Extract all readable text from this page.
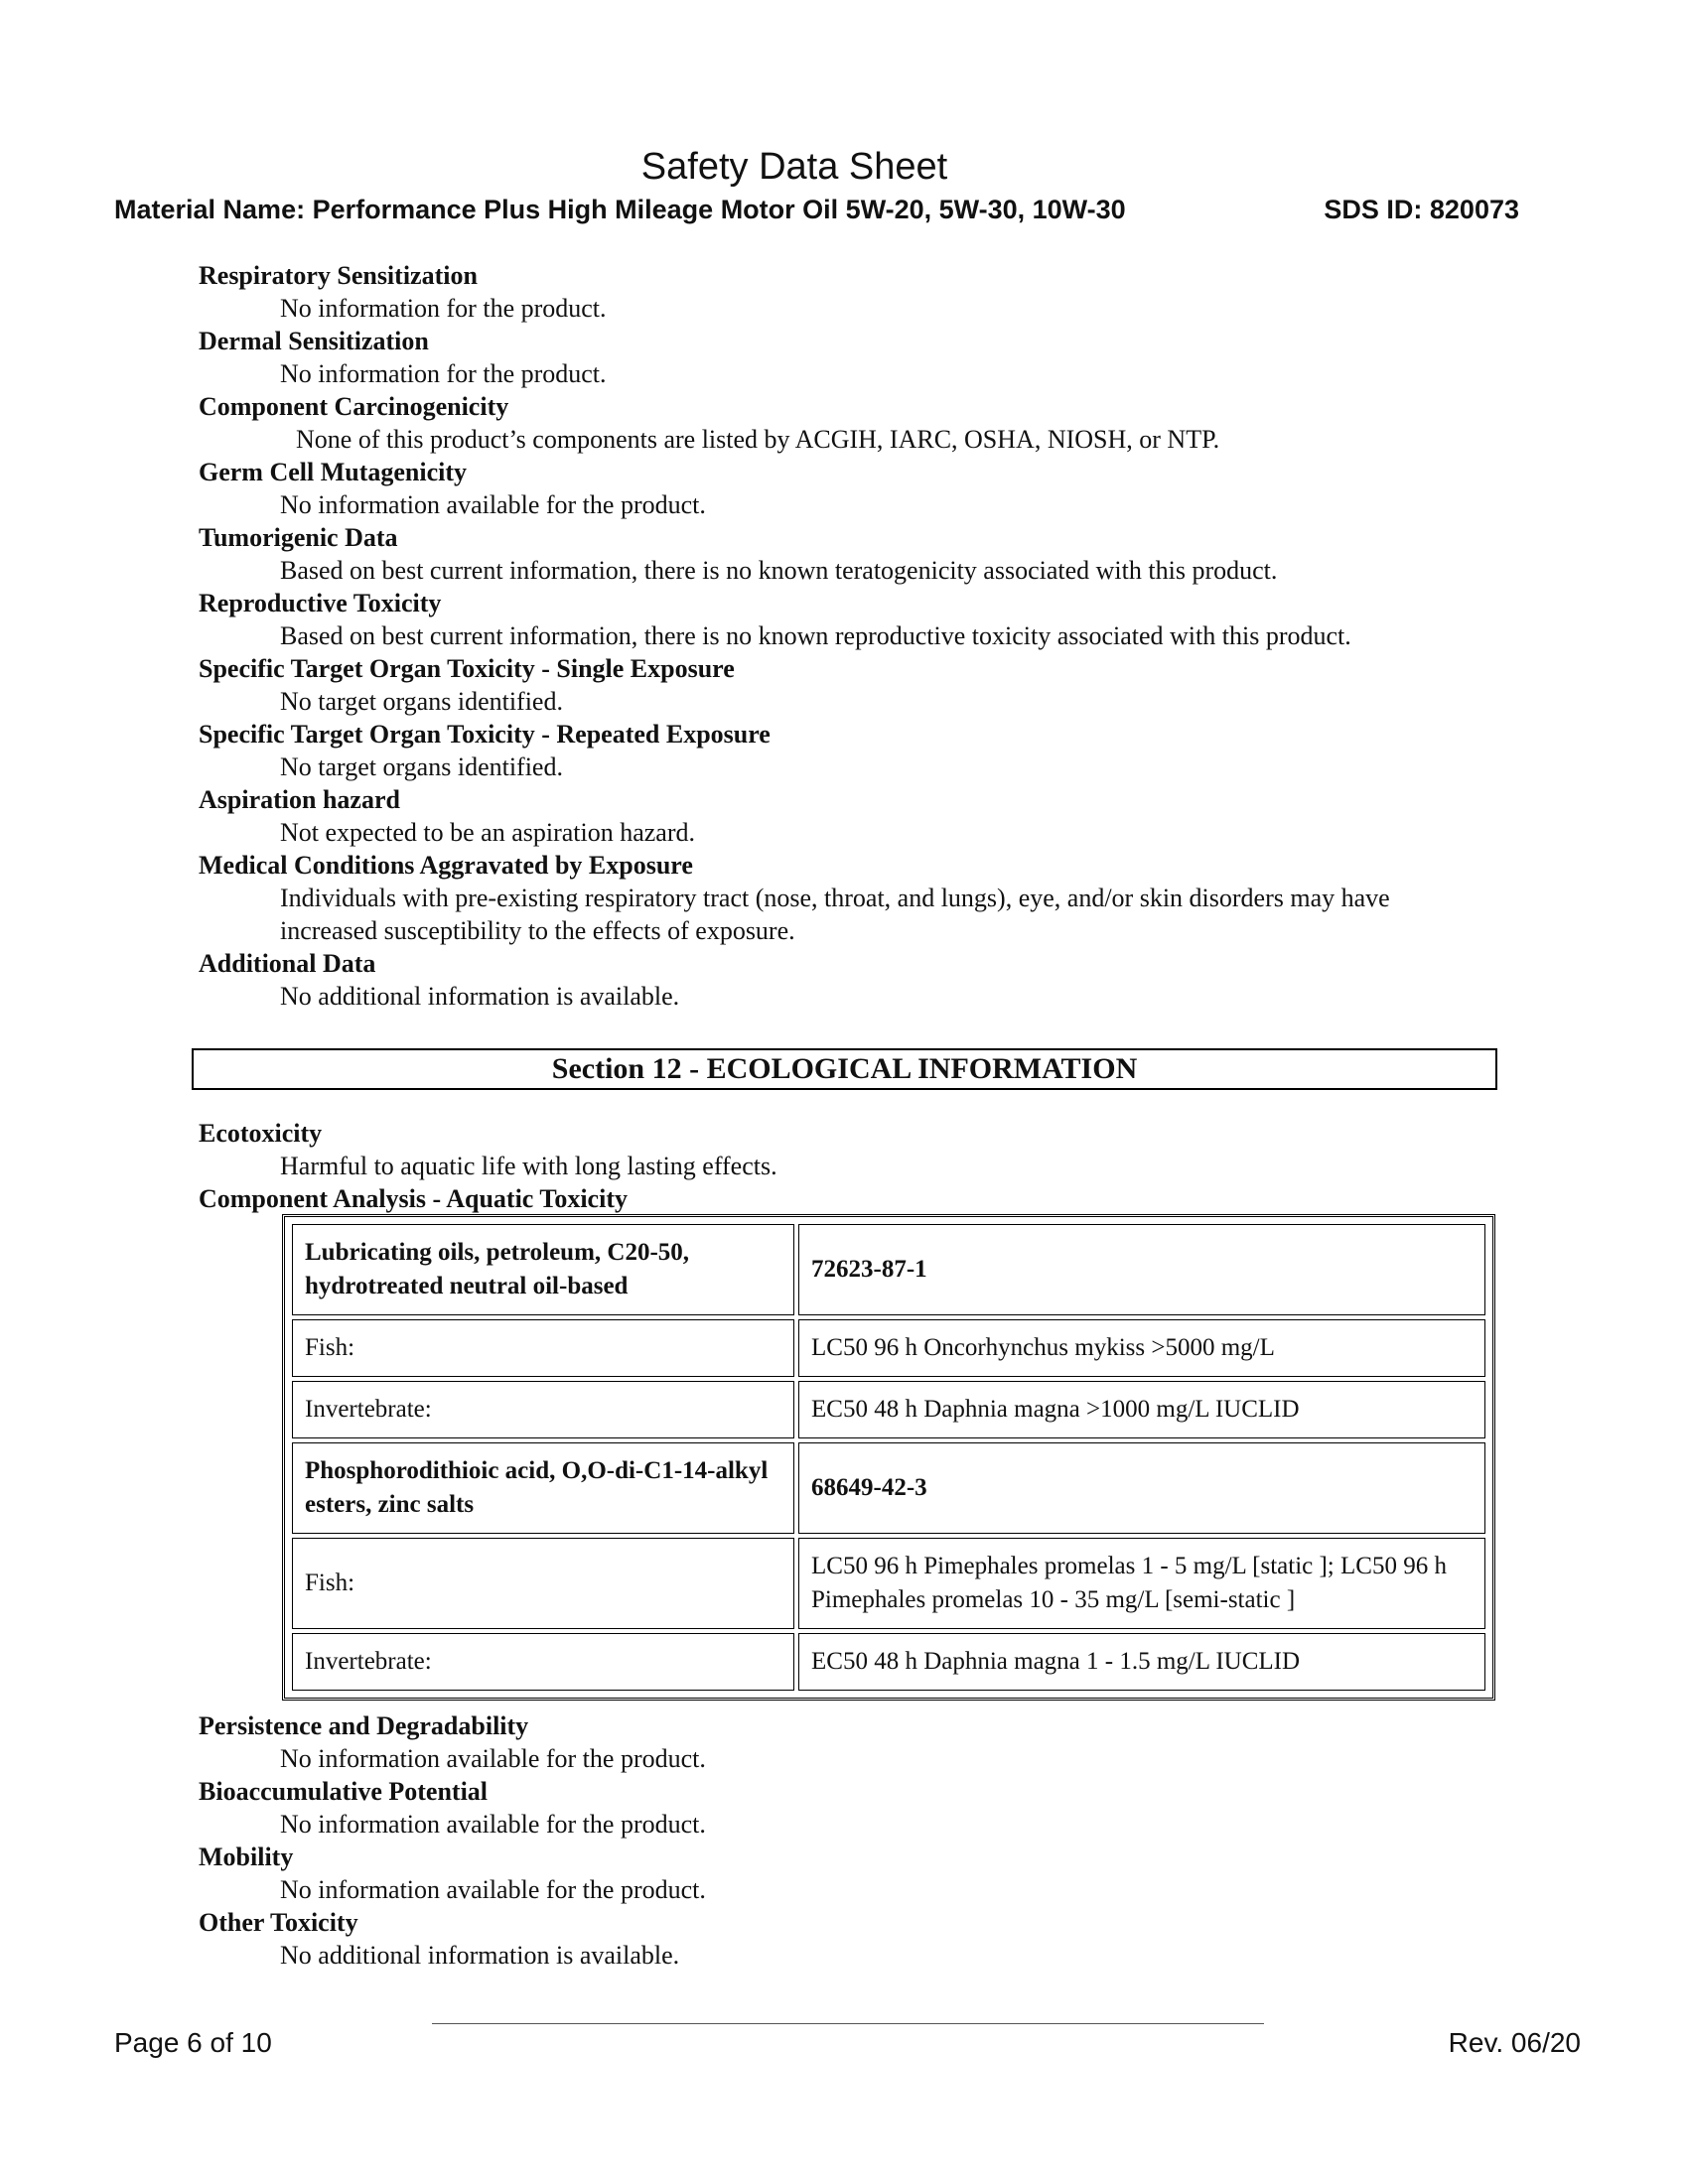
Safety Data Sheet
Material Name: Performance Plus High Mileage Motor Oil 5W-20, 5W-30, 10W-30	SDS ID: 820073
Respiratory Sensitization
No information for the product.
Dermal Sensitization
No information for the product.
Component Carcinogenicity
None of this product’s components are listed by ACGIH, IARC, OSHA, NIOSH, or NTP.
Germ Cell Mutagenicity
No information available for the product.
Tumorigenic Data
Based on best current information, there is no known teratogenicity associated with this product.
Reproductive Toxicity
Based on best current information, there is no known reproductive toxicity associated with this product.
Specific Target Organ Toxicity - Single Exposure
No target organs identified.
Specific Target Organ Toxicity - Repeated Exposure
No target organs identified.
Aspiration hazard
Not expected to be an aspiration hazard.
Medical Conditions Aggravated by Exposure
Individuals with pre-existing respiratory tract (nose, throat, and lungs), eye, and/or skin disorders may have
increased susceptibility to the effects of exposure.
Additional Data
No additional information is available.
Section 12 - ECOLOGICAL INFORMATION
Ecotoxicity
Harmful to aquatic life with long lasting effects.
Component Analysis - Aquatic Toxicity
Lubricating oils, petroleum, C20-50, hydrotreated neutral oil-based	72623-87-1
Fish:	LC50 96 h Oncorhynchus mykiss >5000 mg/L
Invertebrate:	EC50 48 h Daphnia magna >1000 mg/L IUCLID
Phosphorodithioic acid, O,O-di-C1-14-alkyl esters, zinc salts	68649-42-3
Fish:	LC50 96 h Pimephales promelas 1 - 5 mg/L [static ]; LC50 96 h Pimephales promelas 10 - 35 mg/L [semi-static ]
Invertebrate:	EC50 48 h Daphnia magna 1 - 1.5 mg/L IUCLID
Persistence and Degradability
No information available for the product.
Bioaccumulative Potential
No information available for the product.
Mobility
No information available for the product.
Other Toxicity
No additional information is available.
Page 6 of 10	Rev. 06/20
